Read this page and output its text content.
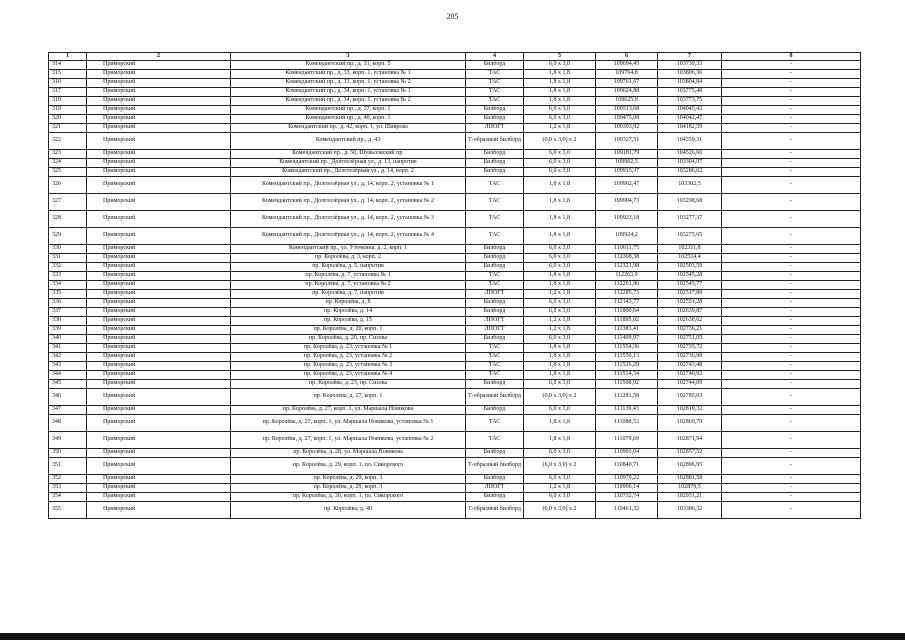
205
1	2	3	4	5	6	7	8
314	Приморский	Комендантский пр., д. 31, корп. 5	Билборд	6,0 х 3,0	109694,45	103739,33	-
315	Приморский	Комендантский пр., д. 33, корп. 1, установка № 1	ТАС	1,8 х 1,8	109764,8	103806,36	-
316	Приморский	Комендантский пр., д. 33, корп. 1, установка № 2	ТАС	1,8 х 1,8	109761,67	103804,84	-
317	Приморский	Комендантский пр., д. 34, корп. 1, установка № 1	ТАС	1,8 х 1,8	109624,88	103775,48	-
318	Приморский	Комендантский пр., д. 34, корп. 1, установка № 2	ТАС	1,8 х 1,8	109625,9	103773,75	-
319	Приморский	Комендантский пр., д. 37, корп. 1	Билборд	6,0 х 3,0	109513,68	104045,43	-
320	Приморский	Комендантский пр., д. 40, корп. 1	Билборд	6,0 х 3,0	109475,08	104042,47	-
321	Приморский	Комендантский пр., д. 42, корп. 1, ул. Шаврова	ЛПОГТ	1,2 х 1,8	109393,92	104182,59	-
322	Приморский	Комендантский пр., д. 43	Т-образный билборд	(6,0 х 3,0) х 2	109327,51	104359,31	-
323	Приморский	Комендантский пр., д. 50, Шуваловский пр.	Билборд	6,0 х 3,0	109181,79	104526,66	-
324	Приморский	Комендантский пр., Долгоозёрная ул., д. 13, напротив	Билборд	6,0 х 3,0	109962,3	103304,97	-
325	Приморский	Комендантский пр., Долгоозёрная ул., д. 14, корп. 2	Билборд	6,0 х 3,0	109915,37	103286,62	-
326	Приморский	Комендантский пр., Долгоозёрная ул., д. 14, корп. 2, установка № 1	ТАС	1,8 х 1,8	109902,47	103302,5	-
327	Приморский	Комендантский пр., Долгоозёрная ул., д. 14, корп. 2, установка № 2	ТАС	1,8 х 1,8	109904,73	103298,68	-
328	Приморский	Комендантский пр., Долгоозёрная ул., д. 14, корп. 2, установка № 3	ТАС	1,8 х 1,8	109923,18	103277,37	-
329	Приморский	Комендантский пр., Долгоозёрная ул., д. 14, корп. 2, установка № 4	ТАС	1,8 х 1,8	109924,2	103275,65	-
330	Приморский	Комендантский пр., ул. Уточкина, д. 2, корп. 1	Билборд	6,0 х 3,0	110611,75	102311,8	-
331	Приморский	пр. Королёва, д. 3, корп. 2	Билборд	6,0 х 3,0	112368,38	102524,4	-
332	Приморский	пр. Королёва, д. 5, напротив	Билборд	6,0 х 3,0	112321,98	102503,59	-
333	Приморский	пр. Королёва, д. 7, установка № 1	ТАС	1,8 х 1,8	112263,9	102545,28	-
334	Приморский	пр. Королёва, д. 7, установка № 2	ТАС	1,8 х 1,8	112261,96	102545,77	-
335	Приморский	пр. Королёва, д. 7, напротив	ЛПОГТ	1,2 х 1,8	112285,73	102517,89	-
336	Приморский	пр. Королёва, д. 8	Билборд	6,0 х 3,0	112143,77	102551,28	-
337	Приморский	пр. Королёва, д. 14	Билборд	6,0 х 3,0	111800,64	102639,87	-
338	Приморский	пр. Королёва, д. 15	ЛПОГТ	1,2 х 1,8	111895,02	102638,62	-
339	Приморский	пр. Королёва, д. 20, корп. 1	ЛПОГТ	1,2 х 1,8	111383,41	102736,21	-
340	Приморский	пр. Королёва, д. 20, пр. Сизова	Билборд	6,0 х 3,0	111409,97	102751,05	-
341	Приморский	пр. Королёва, д. 23, установка № 1	ТАС	1,8 х 1,8	111554,36	102735,72	-
342	Приморский	пр. Королёва, д. 23, установка № 2	ТАС	1,8 х 1,8	111550,13	102736,98	-
343	Приморский	пр. Королёва, д. 23, установка № 3	ТАС	1,8 х 1,8	111526,29	102743,48	-
344	Приморский	пр. Королёва, д. 23, установка № 4	ТАС	1,8 х 1,8	111514,34	102746,92	-
345	Приморский	пр. Королёва, д. 23, пр. Сизова	Билборд	6,0 х 3,0	111508,92	102744,09	-
346	Приморский	пр. Королёва, д. 27, корп. 1	Т-образный билборд	(6,0 х 3,0) х 2	111281,58	102785,03	-
347	Приморский	пр. Королёва, д. 27, корп. 1, ул. Маршала Новикова	Билборд	6,0 х 3,0	111139,43	102819,32	-
348	Приморский	пр. Королёва, д. 27, корп. 1, ул. Маршала Новикова, установка № 1	ТАС	1,8 х 1,8	111088,53	102869,79	-
349	Приморский	пр. Королёва, д. 27, корп. 1, ул. Маршала Новикова, установка № 2	ТАС	1,8 х 1,8	111079,69	102871,94	-
350	Приморский	пр. Королёва, д. 28, ул. Маршала Новикова	Билборд	6,0 х 3,0	110993,04	102857,52	-
351	Приморский	пр. Королёва, д. 29, корп. 1, пл. Сикорского	Т-образный билборд	(6,0 х 3,0) х 2	110840,71	102896,95	-
352	Приморский	пр. Королёва, д. 29, корп. 3	Билборд	6,0 х 3,0	110979,22	102881,58	-
353	Приморский	пр. Королёва, д. 29, корп. 3	ЛПОГТ	1,2 х 1,8	110996,14	102879,5	-
354	Приморский	пр. Королёва, д. 30, корп. 1, пл. Сикорского	Билборд	6,0 х 3,0	110732,74	102931,21	-
355	Приморский	пр. Королёва, д. 40	Т-образный билборд	(6,0 х 3,0) х 2	110461,32	103386,32	-
